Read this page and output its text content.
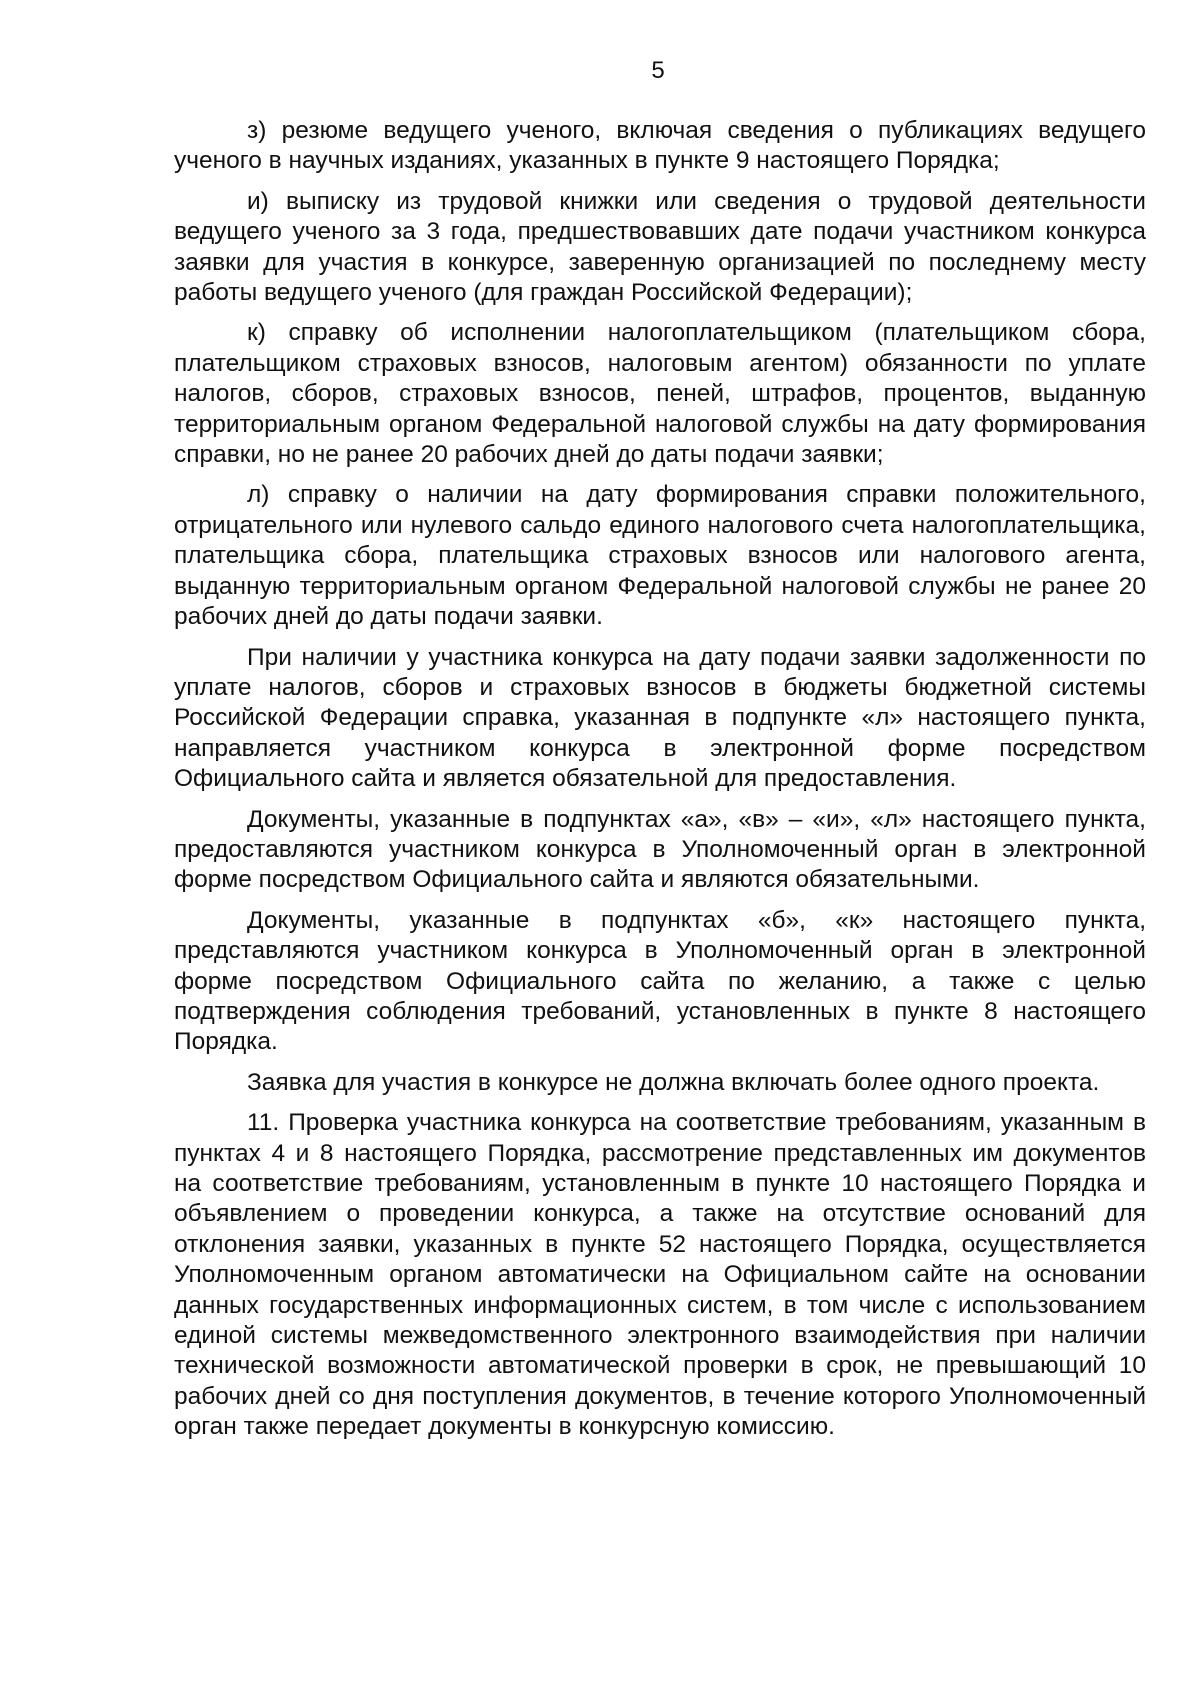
5

з) резюме ведущего ученого, включая сведения о публикациях ведущего ученого в научных изданиях, указанных в пункте 9 настоящего Порядка;

и) выписку из трудовой книжки или сведения о трудовой деятельности ведущего ученого за 3 года, предшествовавших дате подачи участником конкурса заявки для участия в конкурсе, заверенную организацией по последнему месту работы ведущего ученого (для граждан Российской Федерации);

к) справку об исполнении налогоплательщиком (плательщиком сбора, плательщиком страховых взносов, налоговым агентом) обязанности по уплате налогов, сборов, страховых взносов, пеней, штрафов, процентов, выданную территориальным органом Федеральной налоговой службы на дату формирования справки, но не ранее 20 рабочих дней до даты подачи заявки;

л) справку о наличии на дату формирования справки положительного, отрицательного или нулевого сальдо единого налогового счета налогоплательщика, плательщика сбора, плательщика страховых взносов или налогового агента, выданную территориальным органом Федеральной налоговой службы не ранее 20 рабочих дней до даты подачи заявки.

При наличии у участника конкурса на дату подачи заявки задолженности по уплате налогов, сборов и страховых взносов в бюджеты бюджетной системы Российской Федерации справка, указанная в подпункте «л» настоящего пункта, направляется участником конкурса в электронной форме посредством Официального сайта и является обязательной для предоставления.

Документы, указанные в подпунктах «а», «в» – «и», «л» настоящего пункта, предоставляются участником конкурса в Уполномоченный орган в электронной форме посредством Официального сайта и являются обязательными.

Документы, указанные в подпунктах «б», «к» настоящего пункта, представляются участником конкурса в Уполномоченный орган в электронной форме посредством Официального сайта по желанию, а также с целью подтверждения соблюдения требований, установленных в пункте 8 настоящего Порядка.

Заявка для участия в конкурсе не должна включать более одного проекта.

11. Проверка участника конкурса на соответствие требованиям, указанным в пунктах 4 и 8 настоящего Порядка, рассмотрение представленных им документов на соответствие требованиям, установленным в пункте 10 настоящего Порядка и объявлением о проведении конкурса, а также на отсутствие оснований для отклонения заявки, указанных в пункте 52 настоящего Порядка, осуществляется Уполномоченным органом автоматически на Официальном сайте на основании данных государственных информационных систем, в том числе с использованием единой системы межведомственного электронного взаимодействия при наличии технической возможности автоматической проверки в срок, не превышающий 10 рабочих дней со дня поступления документов, в течение которого Уполномоченный орган также передает документы в конкурсную комиссию.
